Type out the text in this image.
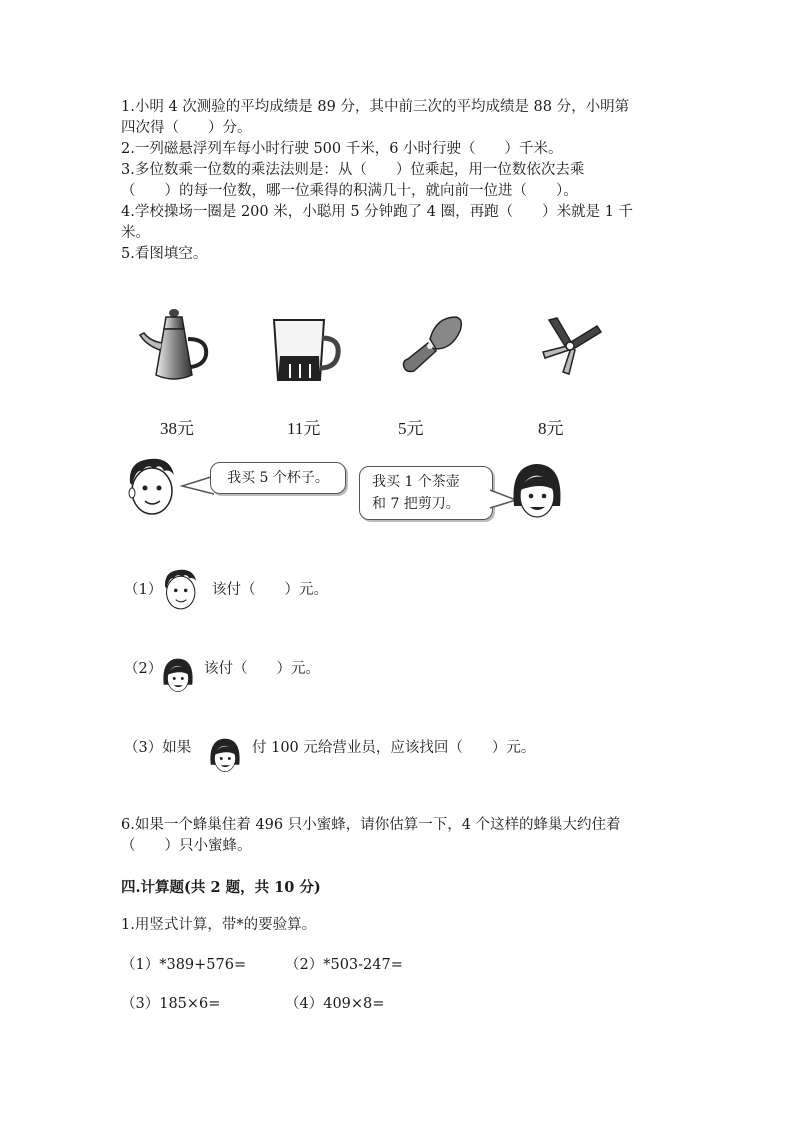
1.小明 4 次测验的平均成绩是 89 分，其中前三次的平均成绩是 88 分，小明第
四次得（　　）分。
2.一列磁悬浮列车每小时行驶 500 千米，6 小时行驶（　　）千米。
3.多位数乘一位数的乘法法则是：从（　　）位乘起，用一位数依次去乘
（　　）的每一位数，哪一位乘得的积满几十，就向前一位进（　　）。
4.学校操场一圈是 200 米，小聪用 5 分钟跑了 4 圈，再跑（　　）米就是 1 千
米。
5.看图填空。
38元	11元	5元	8元
我买 5 个杯子。	我买 1 个茶壶
和 7 把剪刀。
（1）	该付（　　）元。
（2）	该付（　　）元。
（3）如果	付 100 元给营业员，应该找回（　　）元。
6.如果一个蜂巢住着 496 只小蜜蜂，请你估算一下，4 个这样的蜂巢大约住着
（　　）只小蜜蜂。
四.计算题(共 2 题，共 10 分)
1.用竖式计算，带*的要验算。
（1）*389+576=	（2）*503-247=
（3）185×6=	（4）409×8=
